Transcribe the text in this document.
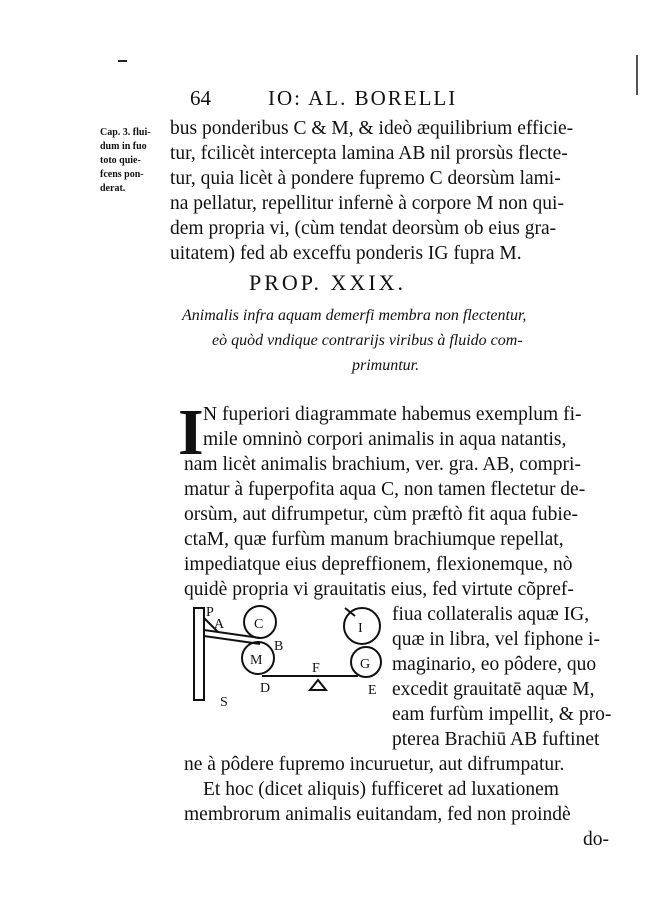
64	IO: AL. BORELLI
Cap. 3. flui-
dum in fuo
toto quie-
fcens pon-
derat.
bus ponderibus C & M, & ideò æquilibrium efficie-
tur, fcilicèt intercepta lamina AB nil prorsùs flecte-
tur, quia licèt à pondere fupremo C deorsùm lami-
na pellatur, repellitur infernè à corpore M non qui-
dem propria vi, (cùm tendat deorsùm ob eius gra-
uitatem) fed ab exceffu ponderis IG fupra M.
PROP. XXIX.
Animalis infra aquam demerfi membra non flectentur,
eò quòd vndique contrarijs viribus à fluido com-
primuntur.
I N fuperiori diagrammate habemus exemplum fi-
mile omninò corpori animalis in aqua natantis,
nam licèt animalis brachium, ver. gra. AB, compri-
matur à fuperpofita aqua C, non tamen flectetur de-
orsùm, aut difrumpetur, cùm præftò fit aqua fubie-
ctaM, quæ furfùm manum brachiumque repellat,
impediatque eius depreffionem, flexionemque, nò
quidè propria vi grauitatis eius, fed virtute cõpref-
fiua collateralis aquæ IG,
quæ in libra, vel fiphone i-
maginario, eo pôdere, quo
excedit grauitatē aquæ M,
eam furfùm impellit, & pro-
pterea Brachiū AB fuftinet
ne à pôdere fupremo incuruetur, aut difrumpatur.
Et hoc (dicet aliquis) fufficeret ad luxationem
membrorum animalis euitandam, fed non proindè
do-
P
A C
B
M
D
F
E
I
G
S
